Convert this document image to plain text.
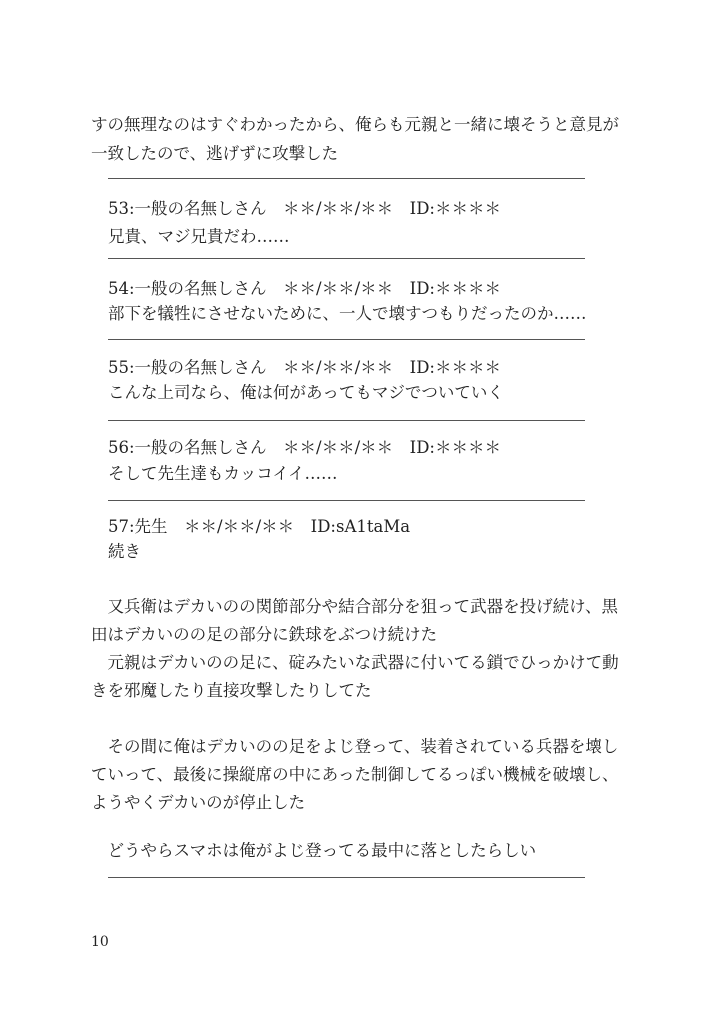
すの無理なのはすぐわかったから、俺らも元親と一緒に壊そうと意見が
一致したので、逃げずに攻撃した
53:一般の名無しさん　＊＊/＊＊/＊＊　ID:＊＊＊＊
兄貴、マジ兄貴だわ……
54:一般の名無しさん　＊＊/＊＊/＊＊　ID:＊＊＊＊
部下を犠牲にさせないために、一人で壊すつもりだったのか……
55:一般の名無しさん　＊＊/＊＊/＊＊　ID:＊＊＊＊
こんな上司なら、俺は何があってもマジでついていく
56:一般の名無しさん　＊＊/＊＊/＊＊　ID:＊＊＊＊
そして先生達もカッコイイ……
57:先生　＊＊/＊＊/＊＊　ID:sA1taMa
続き
　又兵衛はデカいのの関節部分や結合部分を狙って武器を投げ続け、黒
田はデカいのの足の部分に鉄球をぶつけ続けた
　元親はデカいのの足に、碇みたいな武器に付いてる鎖でひっかけて動
きを邪魔したり直接攻撃したりしてた
　その間に俺はデカいのの足をよじ登って、装着されている兵器を壊し
ていって、最後に操縦席の中にあった制御してるっぽい機械を破壊し、
ようやくデカいのが停止した
　どうやらスマホは俺がよじ登ってる最中に落としたらしい
10
